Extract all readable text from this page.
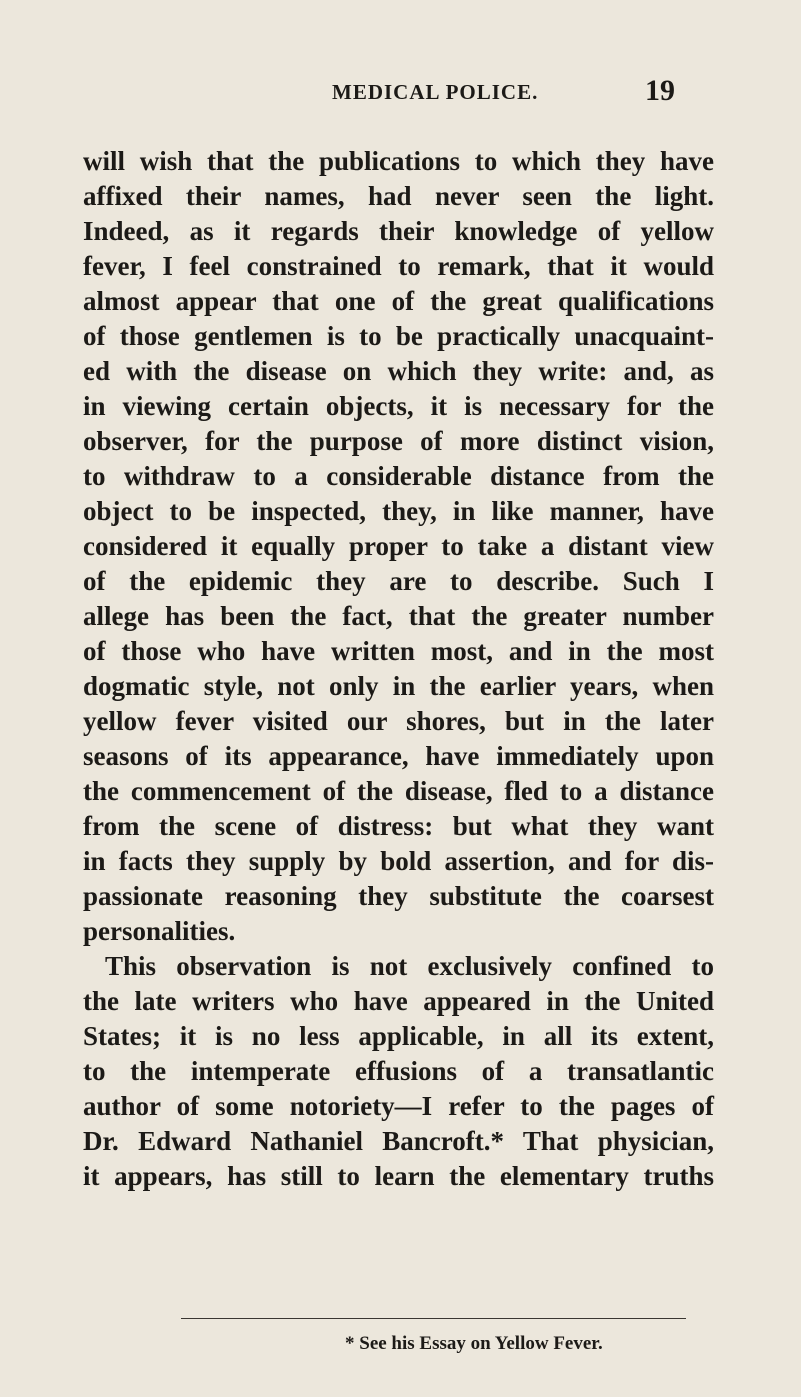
MEDICAL POLICE.	19
will wish that the publications to which they have
affixed their names, had never seen the light.
Indeed, as it regards their knowledge of yellow
fever, I feel constrained to remark, that it would
almost appear that one of the great qualifications
of those gentlemen is to be practically unacquaint-
ed with the disease on which they write: and, as
in viewing certain objects, it is necessary for the
observer, for the purpose of more distinct vision,
to withdraw to a considerable distance from the
object to be inspected, they, in like manner, have
considered it equally proper to take a distant view
of the epidemic they are to describe. Such I
allege has been the fact, that the greater number
of those who have written most, and in the most
dogmatic style, not only in the earlier years, when
yellow fever visited our shores, but in the later
seasons of its appearance, have immediately upon
the commencement of the disease, fled to a distance
from the scene of distress: but what they want
in facts they supply by bold assertion, and for dis-
passionate reasoning they substitute the coarsest
personalities.
This observation is not exclusively confined to
the late writers who have appeared in the United
States; it is no less applicable, in all its extent,
to the intemperate effusions of a transatlantic
author of some notoriety—I refer to the pages of
Dr. Edward Nathaniel Bancroft.* That physician,
it appears, has still to learn the elementary truths
* See his Essay on Yellow Fever.
